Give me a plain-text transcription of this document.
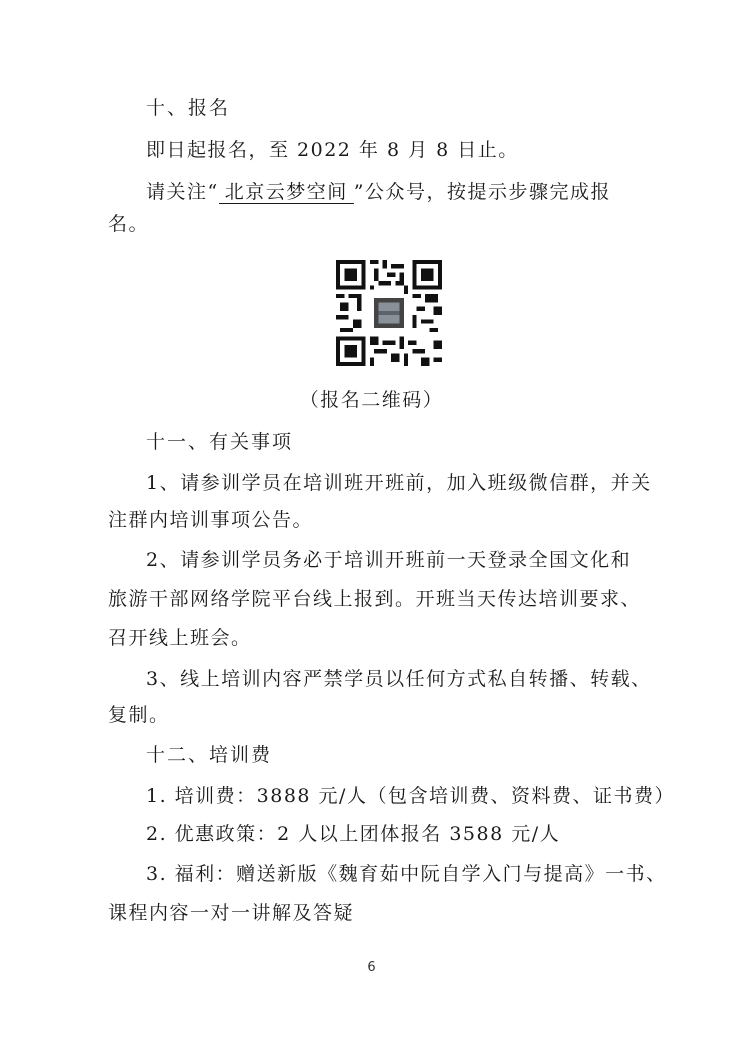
十、报名
即日起报名，至 2022 年 8 月 8 日止。
请关注“ 北京云梦空间 ”公众号，按提示步骤完成报
名。
（报名二维码）
十一、有关事项
1、请参训学员在培训班开班前，加入班级微信群，并关
注群内培训事项公告。
2、请参训学员务必于培训开班前一天登录全国文化和
旅游干部网络学院平台线上报到。开班当天传达培训要求、
召开线上班会。
3、线上培训内容严禁学员以任何方式私自转播、转载、
复制。
十二、培训费
1. 培训费：3888 元/人（包含培训费、资料费、证书费）
2. 优惠政策：2 人以上团体报名 3588 元/人
3. 福利：赠送新版《魏育茹中阮自学入门与提高》一书、
课程内容一对一讲解及答疑
6
